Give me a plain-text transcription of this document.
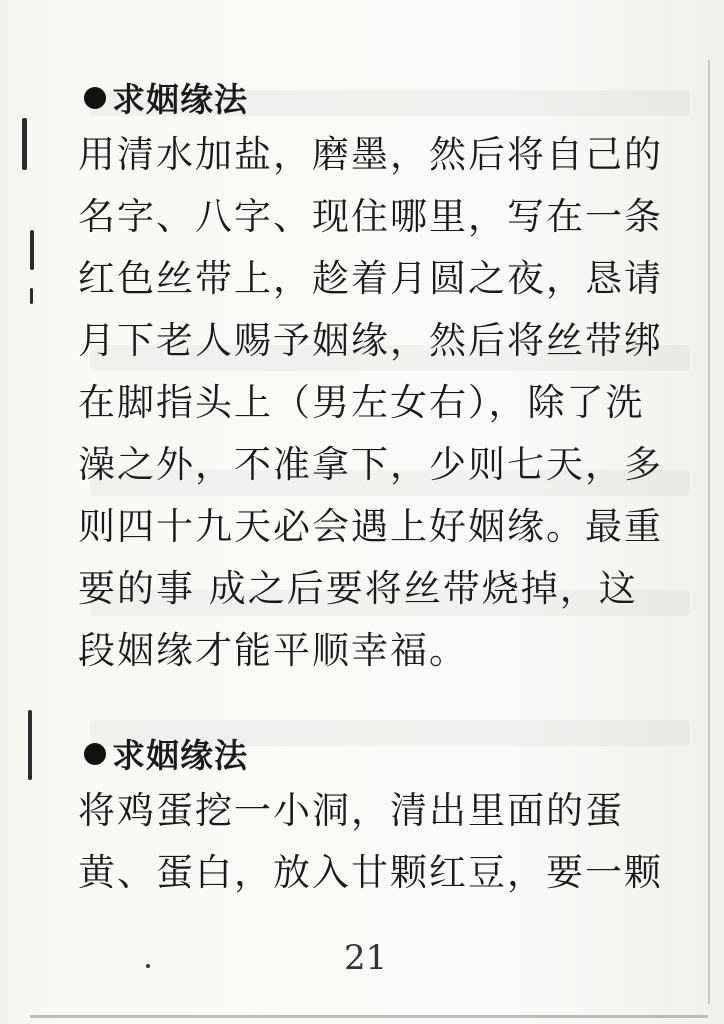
求姻缘法
用清水加盐，磨墨，然后将自己的
名字、八字、现住哪里，写在一条
红色丝带上，趁着月圆之夜，恳请
月下老人赐予姻缘，然后将丝带绑
在脚指头上（男左女右），除了洗
澡之外，不准拿下，少则七天，多
则四十九天必会遇上好姻缘。最重
要的事 成之后要将丝带烧掉，这
段姻缘才能平顺幸福。
求姻缘法
将鸡蛋挖一小洞，清出里面的蛋
黄、蛋白，放入廿颗红豆，要一颗
21
